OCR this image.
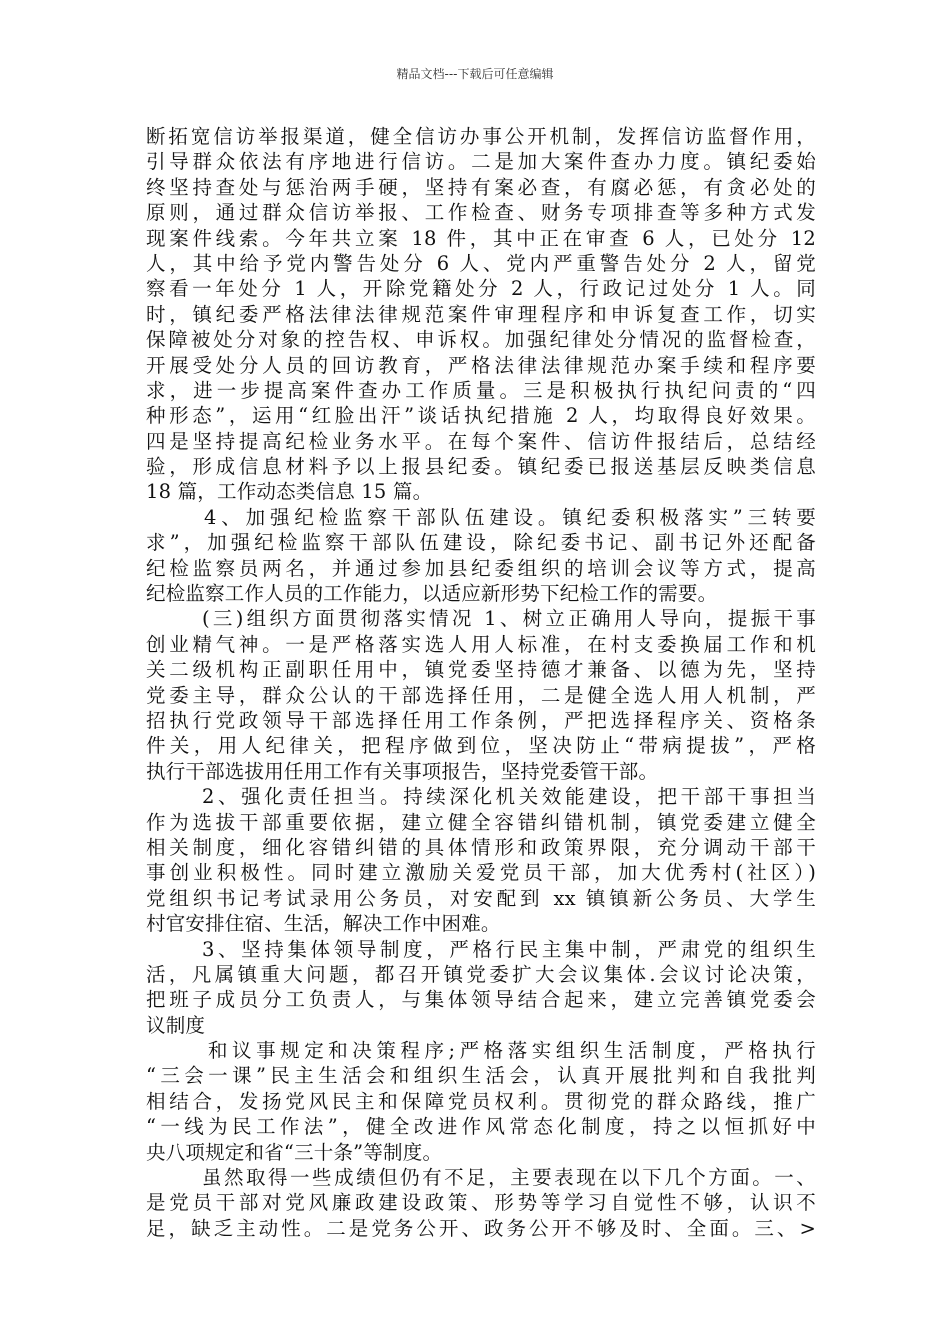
精品文档---下载后可任意编辑
断拓宽信访举报渠道，健全信访办事公开机制，发挥信访监督作用，
引导群众依法有序地进行信访。二是加大案件查办力度。镇纪委始
终坚持查处与惩治两手硬，坚持有案必查，有腐必惩，有贪必处的
原则，通过群众信访举报、工作检查、财务专项排查等多种方式发
现案件线索。今年共立案 18 件，其中正在审查 6 人，已处分 12
人，其中给予党内警告处分 6 人、党内严重警告处分 2 人，留党
察看一年处分 1 人，开除党籍处分 2 人，行政记过处分 1 人。同
时，镇纪委严格法律法律规范案件审理程序和申诉复查工作，切实
保障被处分对象的控告权、申诉权。加强纪律处分情况的监督检查，
开展受处分人员的回访教育，严格法律法律规范办案手续和程序要
求，进一步提高案件查办工作质量。三是积极执行执纪问责的“四
种形态”，运用“红脸出汗”谈话执纪措施 2 人，均取得良好效果。
四是坚持提高纪检业务水平。在每个案件、信访件报结后，总结经
验，形成信息材料予以上报县纪委。镇纪委已报送基层反映类信息
18 篇，工作动态类信息 15 篇。
4、加强纪检监察干部队伍建设。镇纪委积极落实”三转要
求”，加强纪检监察干部队伍建设，除纪委书记、副书记外还配备
纪检监察员两名，并通过参加县纪委组织的培训会议等方式，提高
纪检监察工作人员的工作能力，以适应新形势下纪检工作的需要。
(三)组织方面贯彻落实情况 1、树立正确用人导向，提振干事
创业精气神。一是严格落实选人用人标准，在村支委换届工作和机
关二级机构正副职任用中，镇党委坚持德才兼备、以德为先，坚持
党委主导，群众公认的干部选择任用，二是健全选人用人机制，严
招执行党政领导干部选择任用工作条例，严把选择程序关、资格条
件关，用人纪律关，把程序做到位，坚决防止“带病提拔”，严格
执行干部选拔用任用工作有关事项报告，坚持党委管干部。
2、强化责任担当。持续深化机关效能建设，把干部干事担当
作为选拔干部重要依据，建立健全容错纠错机制，镇党委建立健全
相关制度，细化容错纠错的具体情形和政策界限，充分调动干部干
事创业积极性。同时建立激励关爱党员干部，加大优秀村(社区）)
党组织书记考试录用公务员，对安配到 xx 镇镇新公务员、大学生
村官安排住宿、生活，解决工作中困难。
3、坚持集体领导制度，严格行民主集中制，严肃党的组织生
活，凡属镇重大问题，都召开镇党委扩大会议集体.会议讨论决策，
把班子成员分工负责人，与集体领导结合起来，建立完善镇党委会
议制度
和议事规定和决策程序;严格落实组织生活制度，严格执行
“三会一课”民主生活会和组织生活会，认真开展批判和自我批判
相结合，发扬党风民主和保障党员权利。贯彻党的群众路线，推广
“一线为民工作法”，健全改进作风常态化制度，持之以恒抓好中
央八项规定和省“三十条”等制度。
虽然取得一些成绩但仍有不足，主要表现在以下几个方面。一、
是党员干部对党风廉政建设政策、形势等学习自觉性不够，认识不
足，缺乏主动性。二是党务公开、政务公开不够及时、全面。三、>
